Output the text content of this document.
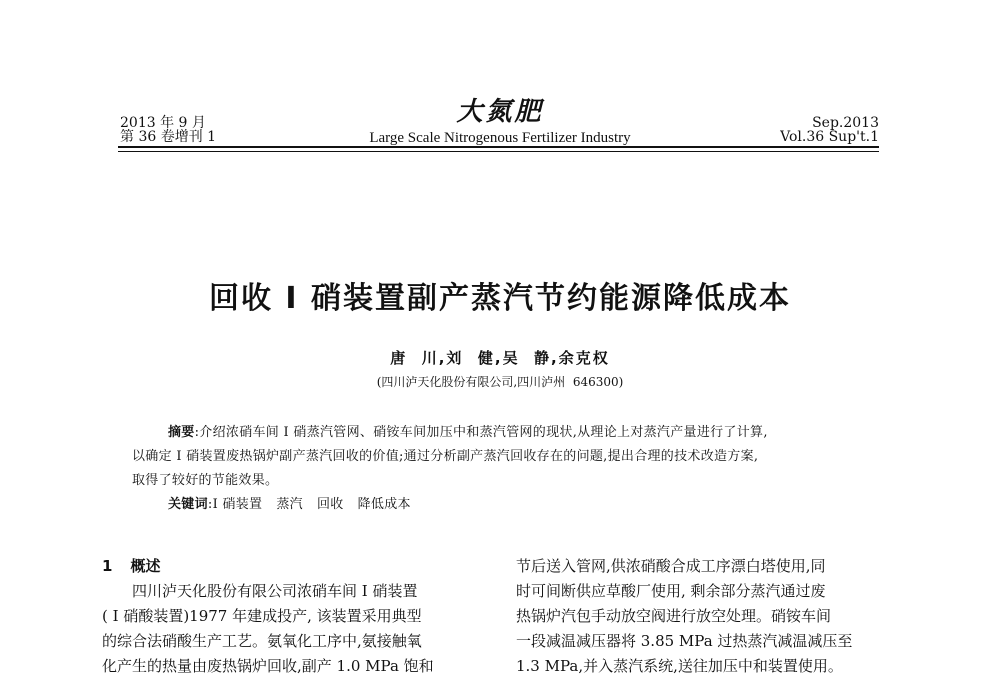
2013 年 9 月
第 36 卷增刊 1
大氮肥
Large Scale Nitrogenous Fertilizer Industry
Sep.2013
Vol.36 Sup't.1
回收 I 硝装置副产蒸汽节约能源降低成本
唐  川,刘  健,吴  静,余克权
(四川泸天化股份有限公司,四川泸州  646300)

摘要:介绍浓硝车间 I 硝蒸汽管网、硝铵车间加压中和蒸汽管网的现状,从理论上对蒸汽产量进行了计算,

以确定 I 硝装置废热锅炉副产蒸汽回收的价值;通过分析副产蒸汽回收存在的问题,提出合理的技术改造方案,

取得了较好的节能效果。

关键词:I 硝装置 蒸汽 回收 降低成本

1 概述

四川泸天化股份有限公司浓硝车间 I 硝装置

( I 硝酸装置)1977 年建成投产, 该装置采用典型

的综合法硝酸生产工艺。氨氧化工序中,氨接触氧

化产生的热量由废热锅炉回收,副产 1.0 MPa 饱和

节后送入管网,供浓硝酸合成工序漂白塔使用,同

时可间断供应草酸厂使用, 剩余部分蒸汽通过废

热锅炉汽包手动放空阀进行放空处理。硝铵车间

一段减温减压器将 3.85 MPa 过热蒸汽减温减压至

1.3 MPa,并入蒸汽系统,送往加压中和装置使用。
